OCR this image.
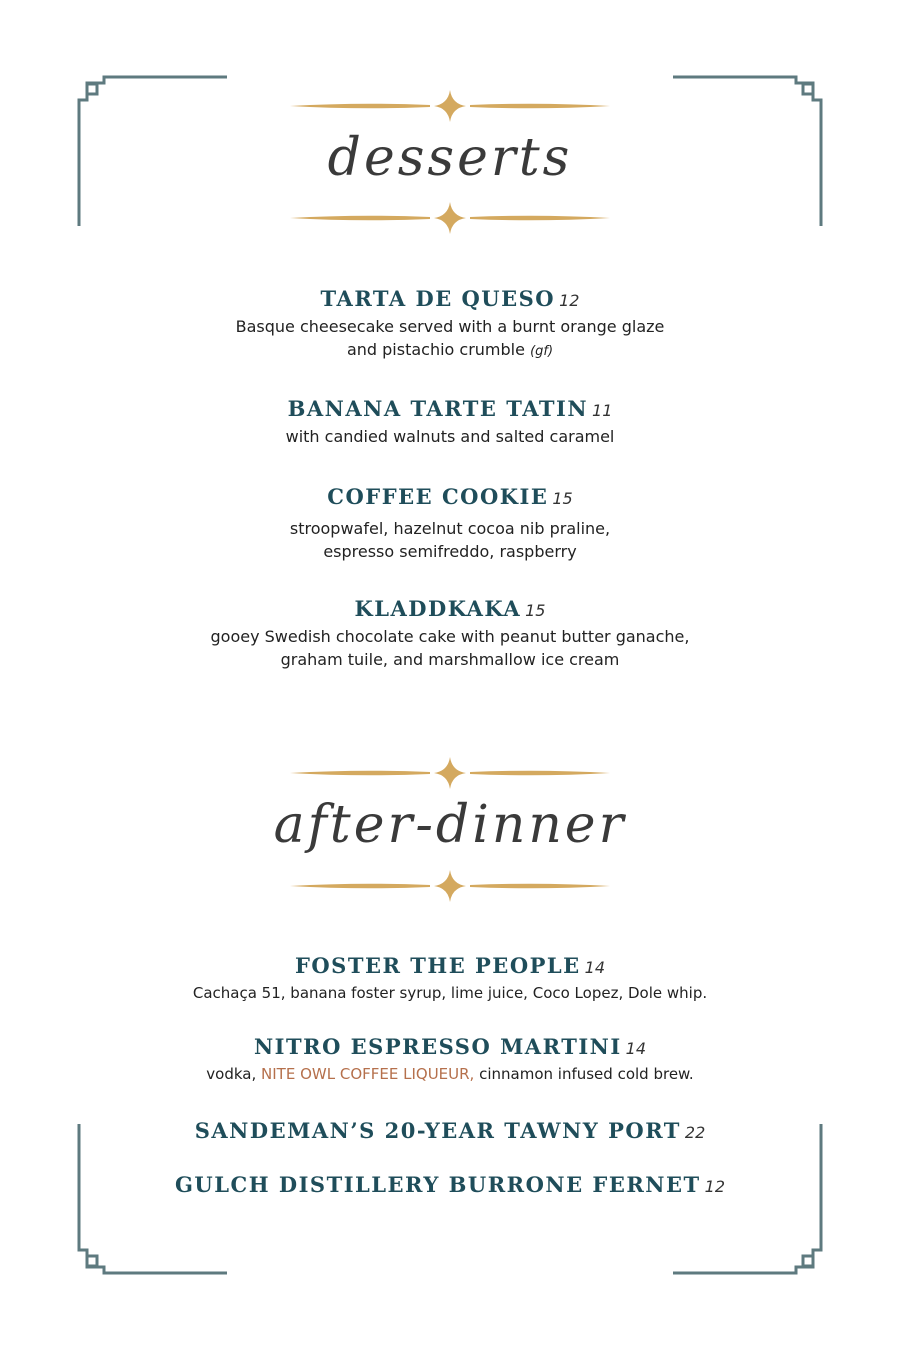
desserts
after-dinner
TARTA DE QUESO 12
Basque cheesecake served with a burnt orange glaze
and pistachio crumble (gf)
BANANA TARTE TATIN 11
with candied walnuts and salted caramel
COFFEE COOKIE 15
stroopwafel, hazelnut cocoa nib praline,
espresso semifreddo, raspberry
KLADDKAKA 15
gooey Swedish chocolate cake with peanut butter ganache,
graham tuile, and marshmallow ice cream
FOSTER THE PEOPLE 14
Cachaça 51, banana foster syrup, lime juice, Coco Lopez, Dole whip.
NITRO ESPRESSO MARTINI 14
vodka, NITE OWL COFFEE LIQUEUR, cinnamon infused cold brew.
SANDEMAN’S 20-YEAR TAWNY PORT 22
GULCH DISTILLERY BURRONE FERNET 12
